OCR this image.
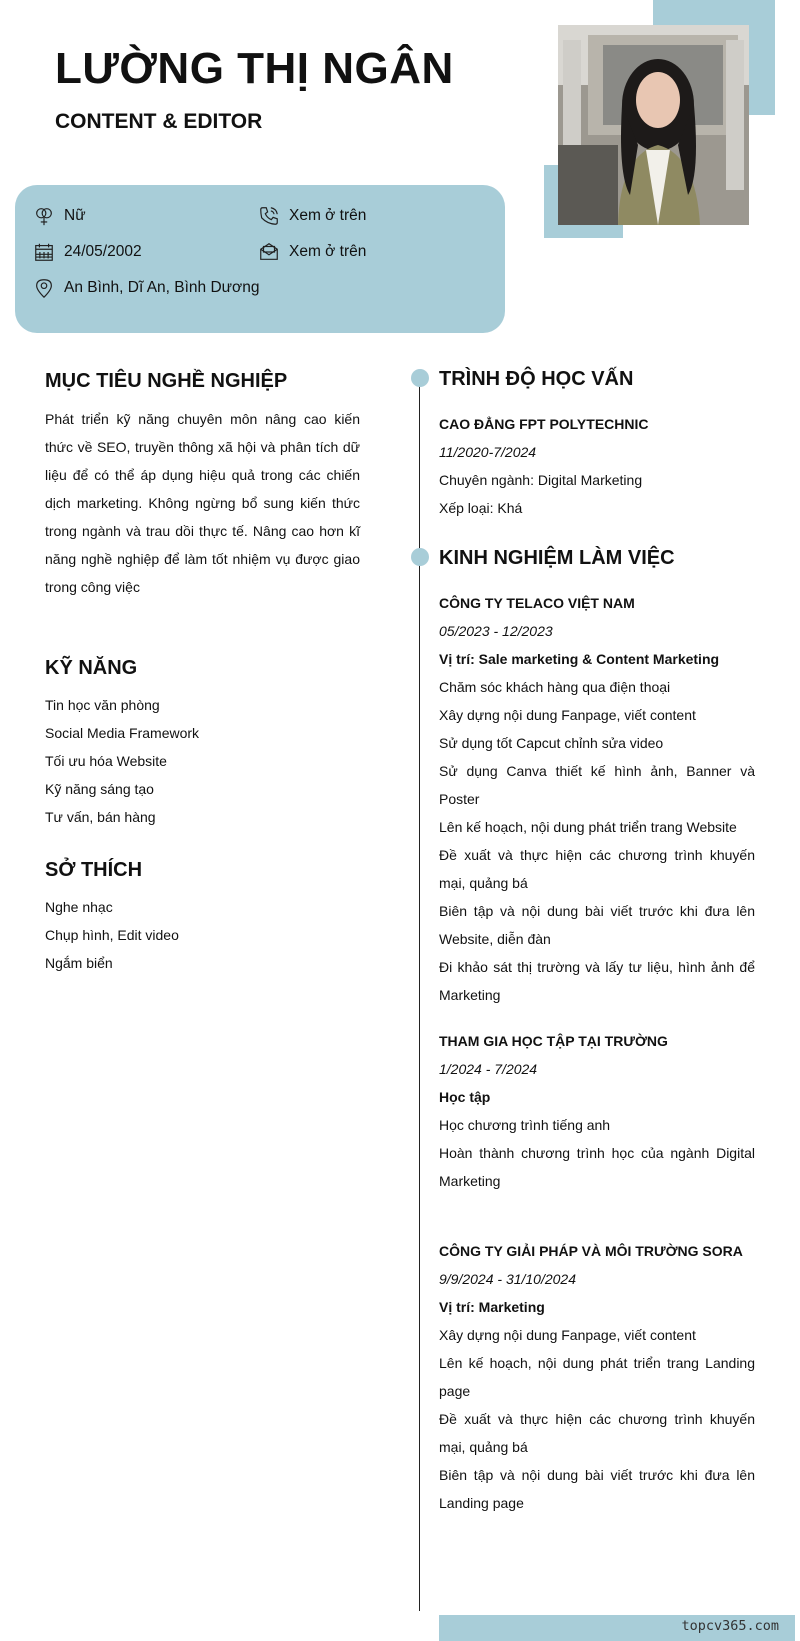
LƯỜNG THỊ NGÂN
CONTENT & EDITOR
Nữ	Xem ở trên
24/05/2002	Xem ở trên
An Bình, Dĩ An, Bình Dương
MỤC TIÊU NGHỀ NGHIỆP
Phát triển kỹ năng chuyên môn nâng cao kiến thức về SEO, truyền thông xã hội và phân tích dữ liệu để có thể áp dụng hiệu quả trong các chiến dịch marketing. Không ngừng bổ sung kiến thức trong ngành và trau dồi thực tế. Nâng cao hơn kĩ năng nghề nghiệp để làm tốt nhiệm vụ được giao trong công việc
KỸ NĂNG
Tin học văn phòng
Social Media Framework
Tối ưu hóa Website
Kỹ năng sáng tạo
Tư vấn, bán hàng
SỞ THÍCH
Nghe nhạc
Chụp hình, Edit video
Ngắm biển
TRÌNH ĐỘ HỌC VẤN
CAO ĐẲNG FPT POLYTECHNIC
11/2020-7/2024
Chuyên ngành: Digital Marketing
Xếp loại: Khá
KINH NGHIỆM LÀM VIỆC
CÔNG TY TELACO VIỆT NAM
05/2023 - 12/2023
Vị trí: Sale marketing & Content Marketing
Chăm sóc khách hàng qua điện thoại
Xây dựng nội dung Fanpage, viết content
Sử dụng tốt Capcut chỉnh sửa video
Sử dụng Canva thiết kế hình ảnh, Banner và Poster
Lên kế hoạch, nội dung phát triển trang Website
Đề xuất và thực hiện các chương trình khuyến mại, quảng bá
Biên tập và nội dung bài viết trước khi đưa lên Website, diễn đàn
Đi khảo sát thị trường và lấy tư liệu, hình ảnh để Marketing
THAM GIA HỌC TẬP TẠI TRƯỜNG
1/2024 - 7/2024
Học tập
Học chương trình tiếng anh
Hoàn thành chương trình học của ngành Digital Marketing
CÔNG TY GIẢI PHÁP VÀ MÔI TRƯỜNG SORA
9/9/2024 - 31/10/2024
Vị trí: Marketing
Xây dựng nội dung Fanpage, viết content
Lên kế hoạch, nội dung phát triển trang Landing page
Đề xuất và thực hiện các chương trình khuyến mại, quảng bá
Biên tập và nội dung bài viết trước khi đưa lên Landing page
topcv365.com
